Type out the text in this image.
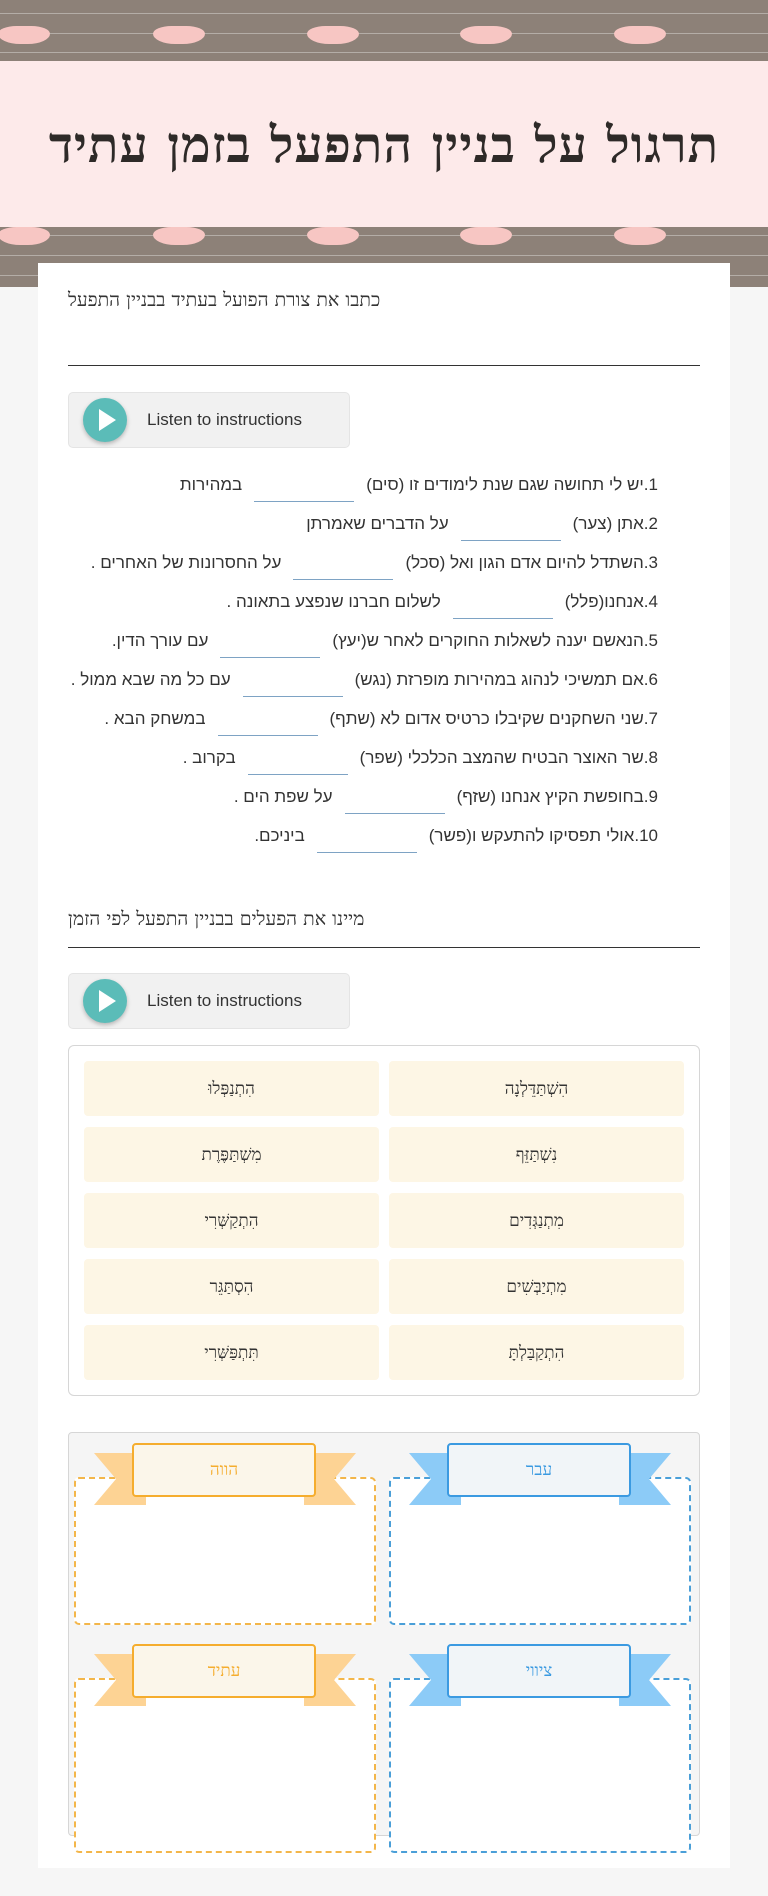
תרגול על בניין התפעל בזמן עתיד
כתבו את צורת הפועל בעתיד בבניין התפעל
Listen to instructions
1.יש לי תחושה שגם שנת לימודים זו (סים)
במהירות
2.אתן (צער)
על הדברים שאמרתן
3.השתדל להיום אדם הגון ואל (סכל)
על החסרונות של האחרים .
4.אנחנו(פלל)
לשלום חברנו שנפצע בתאונה .
5.הנאשם יענה לשאלות החוקרים לאחר ש(יעץ)
עם עורך הדין.
6.אם תמשיכי לנהוג במהירות מופרזת (נגש)
עם כל מה שבא ממול .
7.שני השחקנים שקיבלו כרטיס אדום לא (שתף)
במשחק הבא .
8.שר האוצר הבטיח שהמצב הכלכלי (שפר)
בקרוב .
9.בחופשת הקיץ אנחנו (שזף)
על שפת הים .
10.אולי תפסיקו להתעקש ו(פשר)
ביניכם.
מיינו את הפעלים בבניין התפעל לפי הזמן
Listen to instructions
הִשְׁתַּדֵּלְנָה
הִתְנַפְּלוּ
נִשְׁתַּזֵּף
מִשְׁתַּפֶּרֶת
מִתְנַגְּדִים
הִתְקַשְּׁרִי
מִתְיַבְּשִׁים
הִסְתַּגֵּר
הִתְקַבַּלְתָּ
תִּתְפַּשְּׁרִי
עבר
הווה
ציווי
עתיד
